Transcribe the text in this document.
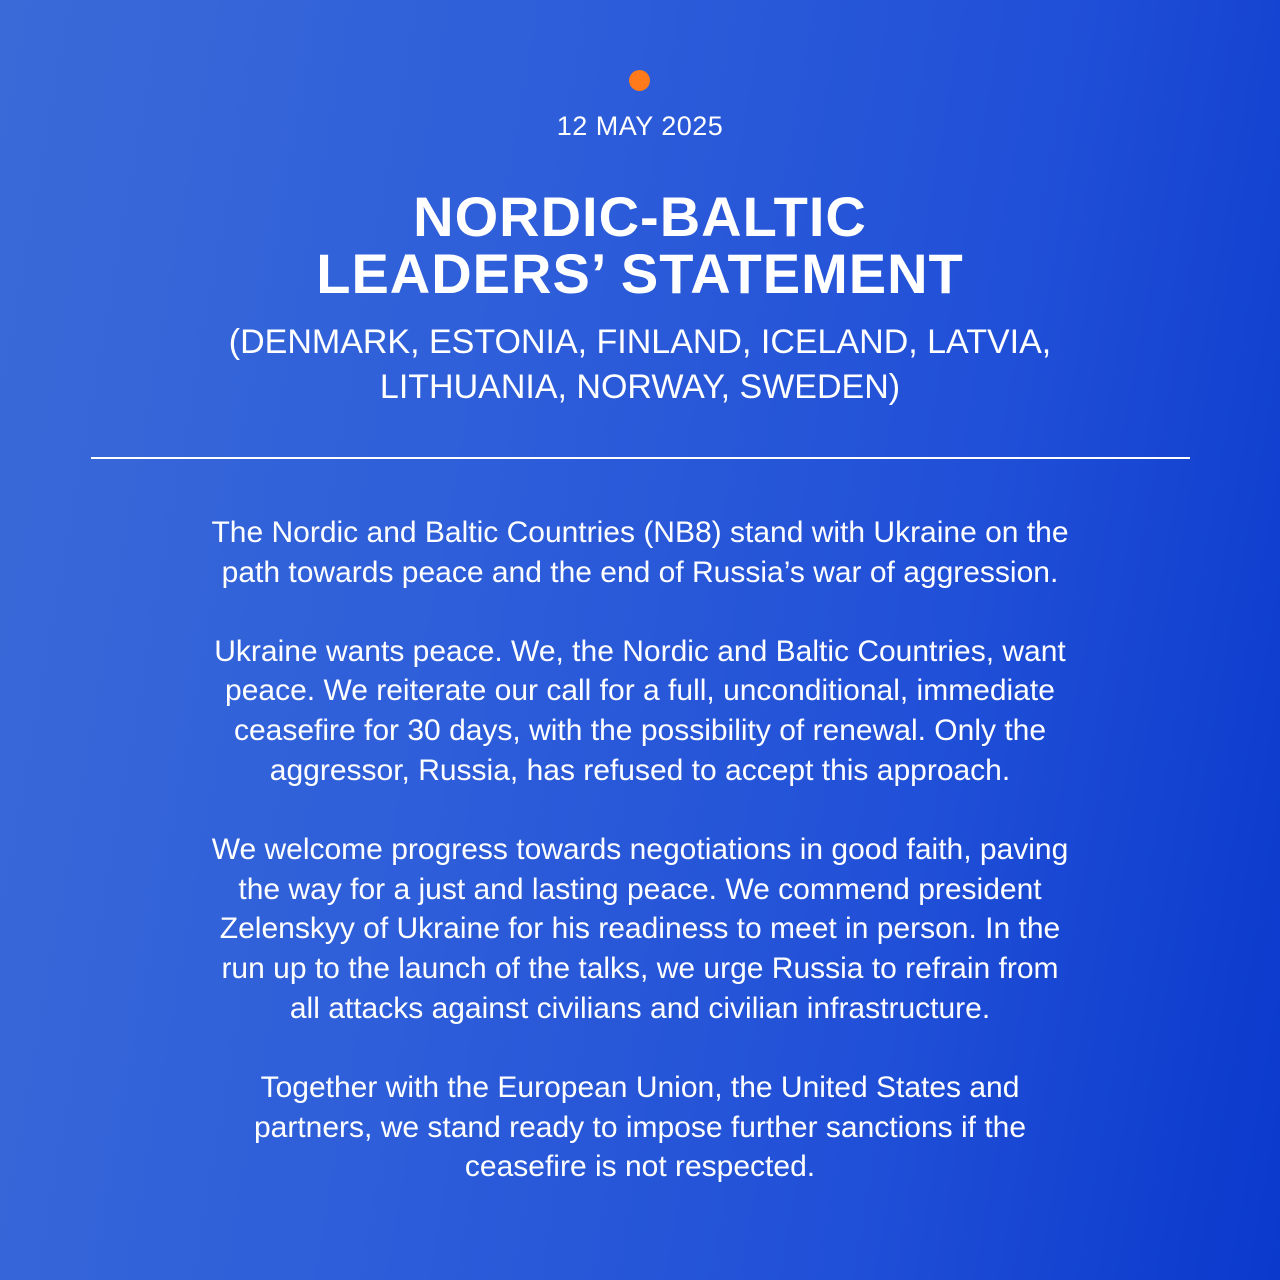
12 MAY 2025
NORDIC-BALTIC
LEADERS’ STATEMENT
(DENMARK, ESTONIA, FINLAND, ICELAND, LATVIA,
LITHUANIA, NORWAY, SWEDEN)

The Nordic and Baltic Countries (NB8) stand with Ukraine on the
path towards peace and the end of Russia’s war of aggression.

Ukraine wants peace. We, the Nordic and Baltic Countries, want
peace. We reiterate our call for a full, unconditional, immediate
ceasefire for 30 days, with the possibility of renewal. Only the
aggressor, Russia, has refused to accept this approach.

We welcome progress towards negotiations in good faith, paving
the way for a just and lasting peace. We commend president
Zelenskyy of Ukraine for his readiness to meet in person. In the
run up to the launch of the talks, we urge Russia to refrain from
all attacks against civilians and civilian infrastructure.

Together with the European Union, the United States and
partners, we stand ready to impose further sanctions if the
ceasefire is not respected.
